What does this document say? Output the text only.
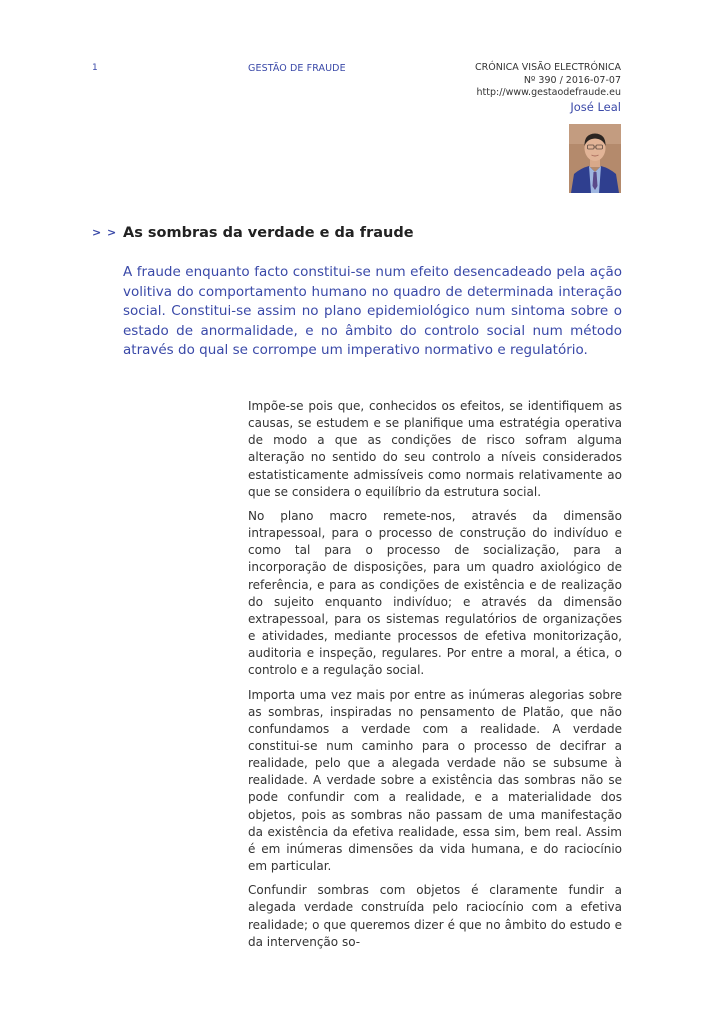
1	GESTÃO DE FRAUDE	CRÓNICA VISÃO ELECTRÓNICA
Nº 390 / 2016-07-07
http://www.gestaodefraude.eu
José Leal
> > As sombras da verdade e da fraude

A fraude enquanto facto constitui-se num efeito desencadeado pela ação volitiva do comportamento humano no quadro de determinada interação social. Constitui-se assim no plano epidemiológico num sintoma sobre o estado de anormalidade, e no âmbito do controlo social num método através do qual se corrompe um imperativo normativo e regulatório.

Impõe-se pois que, conhecidos os efeitos, se identifiquem as causas, se estudem e se planifique uma estratégia operativa de modo a que as condições de risco sofram alguma alteração no sentido do seu controlo a níveis considerados estatisticamente admissíveis como normais relativamente ao que se considera o equilíbrio da estrutura social.

No plano macro remete-nos, através da dimensão intrapessoal, para o processo de construção do indivíduo e como tal para o processo de socialização, para a incorporação de disposições, para um quadro axiológico de referência, e para as condições de existência e de realização do sujeito enquanto indivíduo; e através da dimensão extrapessoal, para os sistemas regulatórios de organizações e atividades, mediante processos de efetiva monitorização, auditoria e inspeção, regulares. Por entre a moral, a ética, o controlo e a regulação social.

Importa uma vez mais por entre as inúmeras alegorias sobre as sombras, inspiradas no pensamento de Platão, que não confundamos a verdade com a realidade. A verdade constitui-se num caminho para o processo de decifrar a realidade, pelo que a alegada verdade não se subsume à realidade. A verdade sobre a existência das sombras não se pode confundir com a realidade, e a materialidade dos objetos, pois as sombras não passam de uma manifestação da existência da efetiva realidade, essa sim, bem real. Assim é em inúmeras dimensões da vida humana, e do raciocínio em particular.

Confundir sombras com objetos é claramente fundir a alegada verdade construída pelo raciocínio com a efetiva realidade; o que queremos dizer é que no âmbito do estudo e da intervenção so-
